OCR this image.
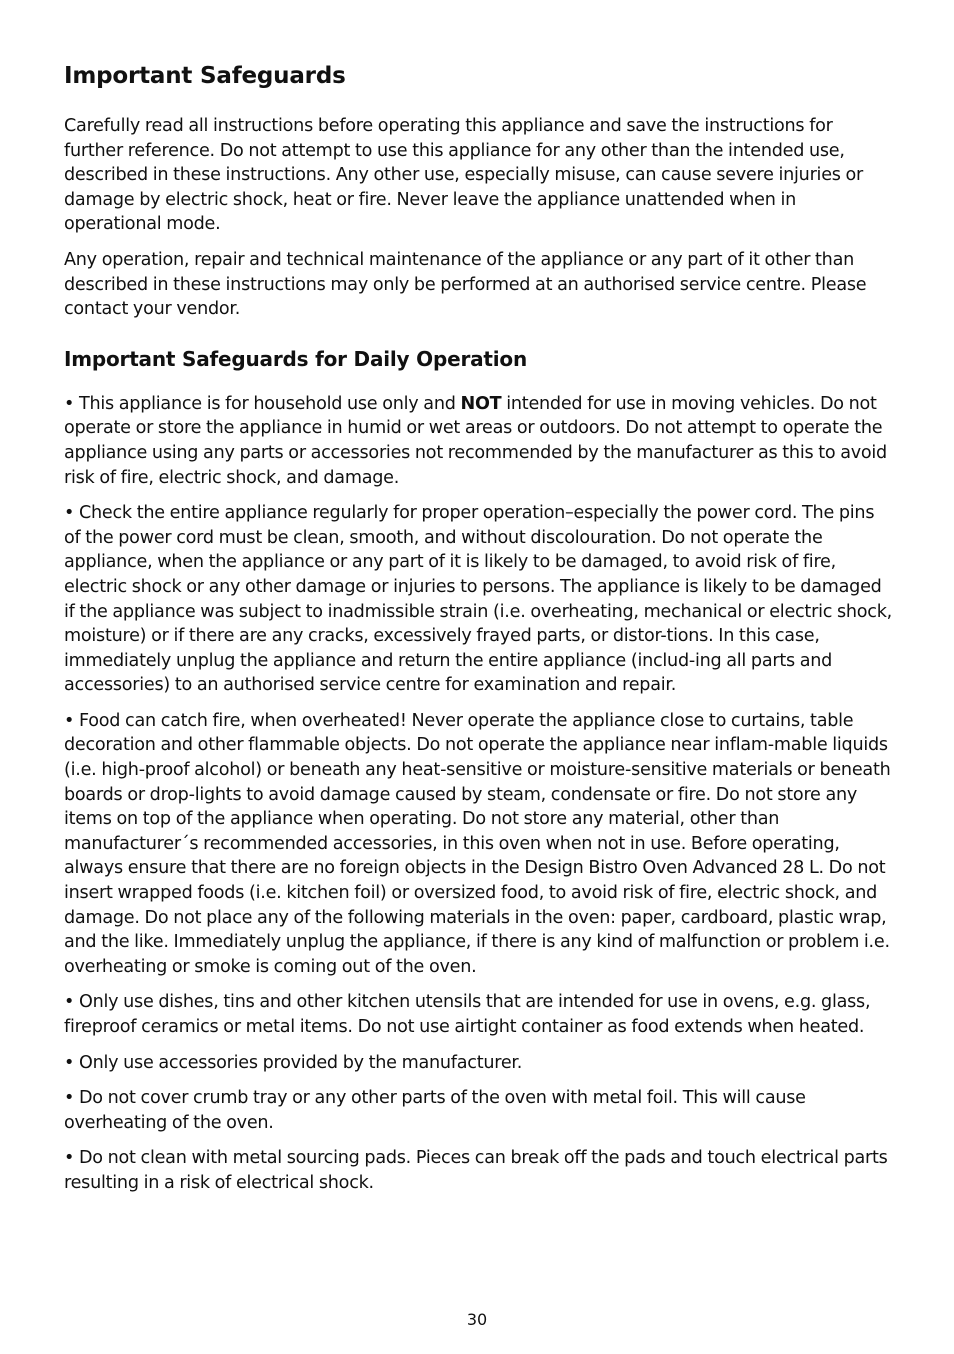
Important Safeguards

Carefully read all instructions before operating this appliance and save the instructions for further reference. Do not attempt to use this appliance for any other than the intended use, described in these instructions. Any other use, especially misuse, can cause severe injuries or damage by electric shock, heat or fire. Never leave the appliance unattended when in operational mode.

Any operation, repair and technical maintenance of the appliance or any part of it other than described in these instructions may only be performed at an authorised service centre. Please contact your vendor.

Important Safeguards for Daily Operation

• This appliance is for household use only and NOT intended for use in moving vehicles. Do not operate or store the appliance in humid or wet areas or outdoors. Do not attempt to operate the appliance using any parts or accessories not recommended by the manufacturer as this to avoid risk of fire, electric shock, and damage.

• Check the entire appliance regularly for proper operation–especially the power cord. The pins of the power cord must be clean, smooth, and without discolouration. Do not operate the appliance, when the appliance or any part of it is likely to be damaged, to avoid risk of fire, electric shock or any other damage or injuries to persons. The appliance is likely to be damaged if the appliance was subject to inadmissible strain (i.e. overheating, mechanical or electric shock, moisture) or if there are any cracks, excessively frayed parts, or distor-tions. In this case, immediately unplug the appliance and return the entire appliance (includ-ing all parts and accessories) to an authorised service centre for examination and repair.

• Food can catch fire, when overheated! Never operate the appliance close to curtains, table decoration and other flammable objects. Do not operate the appliance near inflam-mable liquids (i.e. high-proof alcohol) or beneath any heat-sensitive or moisture-sensitive materials or beneath boards or drop-lights to avoid damage caused by steam, condensate or fire. Do not store any items on top of the appliance when operating. Do not store any material, other than manufacturer´s recommended accessories, in this oven when not in use. Before operating, always ensure that there are no foreign objects in the Design Bistro Oven Advanced 28 L. Do not insert wrapped foods (i.e. kitchen foil) or oversized food, to avoid risk of fire, electric shock, and damage. Do not place any of the following materials in the oven: paper, cardboard, plastic wrap, and the like. Immediately unplug the appliance, if there is any kind of malfunction or problem i.e. overheating or smoke is coming out of the oven.

• Only use dishes, tins and other kitchen utensils that are intended for use in ovens, e.g. glass, fireproof ceramics or metal items. Do not use airtight container as food extends when heated.

• Only use accessories provided by the manufacturer.

• Do not cover crumb tray or any other parts of the oven with metal foil. This will cause overheating of the oven.

• Do not clean with metal sourcing pads. Pieces can break off the pads and touch electrical parts resulting in a risk of electrical shock.

30
